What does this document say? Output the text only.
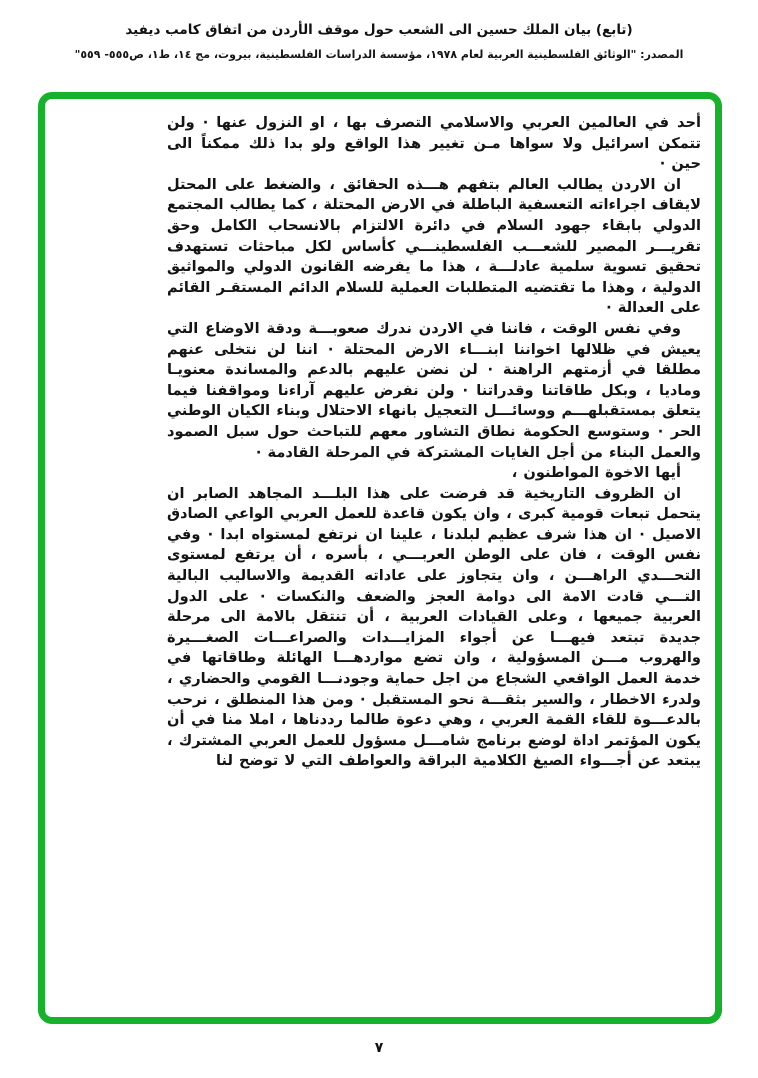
(تابع) بيان الملك حسين الى الشعب حول موقف الأردن من اتفاق كامب ديفيد
المصدر: "الوثائق الفلسطينية العربية لعام ١٩٧٨، مؤسسة الدراسات الفلسطينية، بيروت، مج ١٤، ط١، ص٥٥٥- ٥٥٩"

أحد في العالمين العربي والاسلامي التصرف بها ، او النزول عنها · ولن تتمكن اسرائيل ولا سواها مـن تغيير هذا الواقع ولو بدا ذلك ممكناً الى حين ·

ان الاردن يطالب العالم بتفهم هـــذه الحقائق ، والضغط على المحتل لايقاف اجراءاته التعسفية الباطلة في الارض المحتلة ، كما يطالب المجتمع الدولي بابقاء جهود السلام في دائرة الالتزام بالانسحاب الكامل وحق تقريـــر المصير للشعـــب الفلسطينـــي كأساس لكل مباحثات تستهدف تحقيق تسوية سلمية عادلـــة ، هذا ما يفرضه القانون الدولي والمواثيق الدولية ، وهذا ما تقتضيه المتطلبات العملية للسلام الدائم المستقـر القائم على العدالة ·

وفي نفس الوقت ، فاننا في الاردن ندرك صعوبـــة ودقة الاوضاع التي يعيش في ظلالها اخواننا ابنـــاء الارض المحتلة · اننا لن نتخلى عنهم مطلقا في أزمتهم الراهنة · لن نضن عليهم بالدعم والمساندة معنويـا وماديا ، وبكل طاقاتنا وقدراتنا · ولن نفرض عليهم آراءنا ومواقفنا فيما يتعلق بمستقبلهـــم ووسائـــل التعجيل بانهاء الاحتلال وبناء الكيان الوطني الحر · وستوسع الحكومة نطاق التشاور معهم للتباحث حول سبل الصمود والعمل البناء من أجل الغايات المشتركة في المرحلة القادمة ·

أيها الاخوة المواطنون ،

ان الظروف التاريخية قد فرضت على هذا البلـــد المجاهد الصابر ان يتحمل تبعات قومية كبرى ، وان يكون قاعدة للعمل العربي الواعي الصادق الاصيل · ان هذا شرف عظيم لبلدنا ، علينا ان نرتفع لمستواه ابدا · وفي نفس الوقت ، فان على الوطن العربـــي ، بأسره ، أن يرتفع لمستوى التحـــدي الراهـــن ، وان يتجاوز على عاداته القديمة والاساليب البالية التـــي قادت الامة الى دوامة العجز والضعف والنكسات · على الدول العربية جميعها ، وعلى القيادات العربية ، أن تنتقل بالامة الى مرحلة جديدة تبتعد فيهـــا عن أجواء المزايـــدات والصراعـــات الصغـــيرة والهروب مـــن المسؤولية ، وان تضع مواردهـــا الهائلة وطاقاتها في خدمة العمل الواقعي الشجاع من اجل حماية وجودنـــا القومي والحضاري ، ولدرء الاخطار ، والسير بثقـــة نحو المستقبل · ومن هذا المنطلق ، نرحب بالدعـــوة للقاء القمة العربي ، وهي دعوة طالما رددناها ، املا منا في أن يكون المؤتمر اداة لوضع برنامج شامـــل مسؤول للعمل العربي المشترك ، يبتعد عن أجـــواء الصيغ الكلامية البراقة والعواطف التي لا توضح لنا

٧
